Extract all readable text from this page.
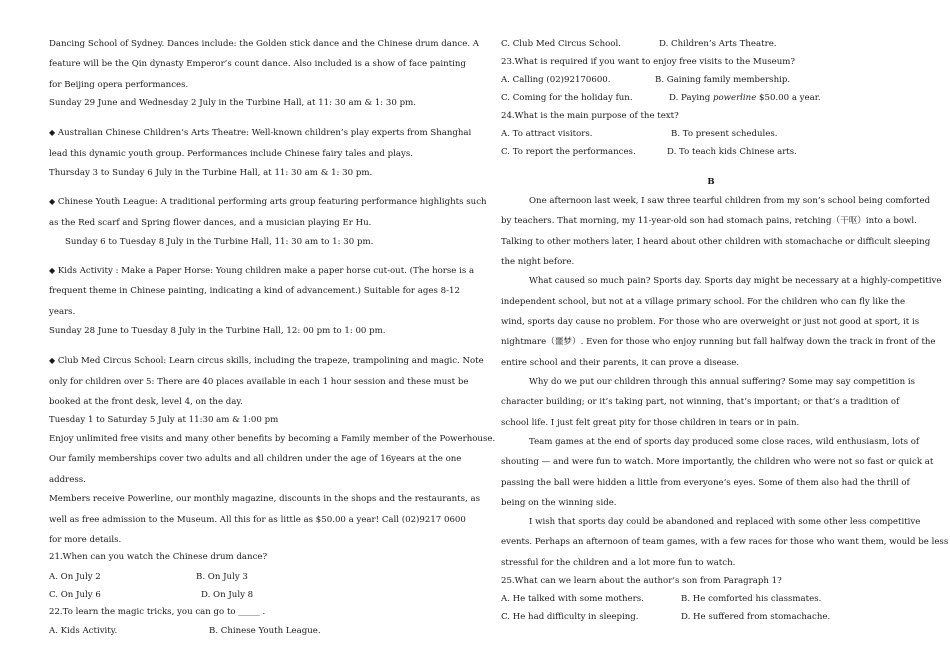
Dancing School of Sydney. Dances include: the Golden stick dance and the Chinese drum dance. A
feature will be the Qin dynasty Emperor’s count dance. Also included is a show of face painting
for Beijing opera performances.
Sunday 29 June and Wednesday 2 July in the Turbine Hall, at 11: 30 am & 1: 30 pm.
◆ Australian Chinese Children’s Arts Theatre: Well-known children’s play experts from Shanghai
lead this dynamic youth group. Performances include Chinese fairy tales and plays.
Thursday 3 to Sunday 6 July in the Turbine Hall, at 11: 30 am & 1: 30 pm.
◆ Chinese Youth League: A traditional performing arts group featuring performance highlights such
as the Red scarf and Spring flower dances, and a musician playing Er Hu.
Sunday 6 to Tuesday 8 July in the Turbine Hall, 11: 30 am to 1: 30 pm.
◆ Kids Activity : Make a Paper Horse: Young children make a paper horse cut-out. (The horse is a
frequent theme in Chinese painting, indicating a kind of advancement.) Suitable for ages 8-12
years.
Sunday 28 June to Tuesday 8 July in the Turbine Hall, 12: 00 pm to 1: 00 pm.
◆ Club Med Circus School: Learn circus skills, including the trapeze, trampolining and magic. Note
only for children over 5: There are 40 places available in each 1 hour session and these must be
booked at the front desk, level 4, on the day.
Tuesday 1 to Saturday 5 July at 11:30 am & 1:00 pm
Enjoy unlimited free visits and many other benefits by becoming a Family member of the Powerhouse.
Our family memberships cover two adults and all children under the age of 16years at the one
address.
Members receive Powerline, our monthly magazine, discounts in the shops and the restaurants, as
well as free admission to the Museum. All this for as little as $50.00 a year! Call (02)9217 0600
for more details.
21.When can you watch the Chinese drum dance?
A. On July 2	B. On July 3
C. On July 6	D. On July 8
22.To learn the magic tricks, you can go to _____ .
A. Kids Activity.	B. Chinese Youth League.
C. Club Med Circus School.	D. Children’s Arts Theatre.
23.What is required if you want to enjoy free visits to the Museum?
A. Calling (02)92170600.	B. Gaining family membership.
C. Coming for the holiday fun.	D. Paying powerline $50.00 a year.
24.What is the main purpose of the text?
A. To attract visitors.	B. To present schedules.
C. To report the performances.	D. To teach kids Chinese arts.
B
One afternoon last week, I saw three tearful children from my son’s school being comforted
by teachers. That morning, my 11-year-old son had stomach pains, retching（干呕）into a bowl.
Talking to other mothers later, I heard about other children with stomachache or difficult sleeping
the night before.
What caused so much pain? Sports day. Sports day might be necessary at a highly-competitive
independent school, but not at a village primary school. For the children who can fly like the
wind, sports day cause no problem. For those who are overweight or just not good at sport, it is
nightmare（噩梦）. Even for those who enjoy running but fall halfway down the track in front of the
entire school and their parents, it can prove a disease.
Why do we put our children through this annual suffering? Some may say competition is
character building; or it’s taking part, not winning, that’s important; or that’s a tradition of
school life. I just felt great pity for those children in tears or in pain.
Team games at the end of sports day produced some close races, wild enthusiasm, lots of
shouting — and were fun to watch. More importantly, the children who were not so fast or quick at
passing the ball were hidden a little from everyone’s eyes. Some of them also had the thrill of
being on the winning side.
I wish that sports day could be abandoned and replaced with some other less competitive
events. Perhaps an afternoon of team games, with a few races for those who want them, would be less
stressful for the children and a lot more fun to watch.
25.What can we learn about the author’s son from Paragraph 1?
A. He talked with some mothers.	B. He comforted his classmates.
C. He had difficulty in sleeping.	D. He suffered from stomachache.
